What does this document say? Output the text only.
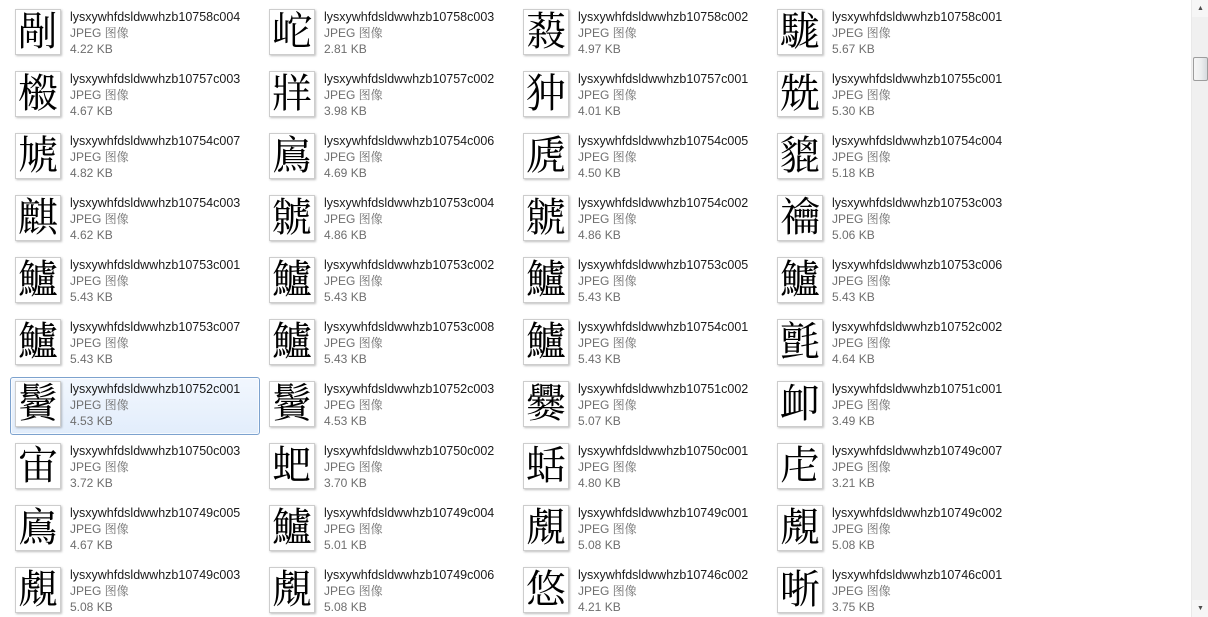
剮 lysxywhfdsldwwhzb10758c004
JPEG 图像
4.22 KB	岮 lysxywhfdsldwwhzb10758c003
JPEG 图像
2.81 KB	蔱 lysxywhfdsldwwhzb10758c002
JPEG 图像
4.97 KB	駹 lysxywhfdsldwwhzb10758c001
JPEG 图像
5.67 KB
榝 lysxywhfdsldwwhzb10757c003
JPEG 图像
4.67 KB	牂 lysxywhfdsldwwhzb10757c002
JPEG 图像
3.98 KB	狆 lysxywhfdsldwwhzb10757c001
JPEG 图像
4.01 KB	兟 lysxywhfdsldwwhzb10755c001
JPEG 图像
5.30 KB
虓 lysxywhfdsldwwhzb10754c007
JPEG 图像
4.82 KB	鳸 lysxywhfdsldwwhzb10754c006
JPEG 图像
4.69 KB	虒 lysxywhfdsldwwhzb10754c005
JPEG 图像
4.50 KB	貔 lysxywhfdsldwwhzb10754c004
JPEG 图像
5.18 KB
麒 lysxywhfdsldwwhzb10754c003
JPEG 图像
4.62 KB	虩 lysxywhfdsldwwhzb10753c004
JPEG 图像
4.86 KB	虩 lysxywhfdsldwwhzb10754c002
JPEG 图像
4.86 KB	禴 lysxywhfdsldwwhzb10753c003
JPEG 图像
5.06 KB
鱸 lysxywhfdsldwwhzb10753c001
JPEG 图像
5.43 KB	鱸 lysxywhfdsldwwhzb10753c002
JPEG 图像
5.43 KB	鱸 lysxywhfdsldwwhzb10753c005
JPEG 图像
5.43 KB	鱸 lysxywhfdsldwwhzb10753c006
JPEG 图像
5.43 KB
鱸 lysxywhfdsldwwhzb10753c007
JPEG 图像
5.43 KB	鱸 lysxywhfdsldwwhzb10753c008
JPEG 图像
5.43 KB	鱸 lysxywhfdsldwwhzb10754c001
JPEG 图像
5.43 KB	氈 lysxywhfdsldwwhzb10752c002
JPEG 图像
4.64 KB
鬢 lysxywhfdsldwwhzb10752c001
JPEG 图像
4.53 KB	鬢 lysxywhfdsldwwhzb10752c003
JPEG 图像
4.53 KB	爨 lysxywhfdsldwwhzb10751c002
JPEG 图像
5.07 KB	卹 lysxywhfdsldwwhzb10751c001
JPEG 图像
3.49 KB
宙 lysxywhfdsldwwhzb10750c003
JPEG 图像
3.72 KB	蚆 lysxywhfdsldwwhzb10750c002
JPEG 图像
3.70 KB	蛞 lysxywhfdsldwwhzb10750c001
JPEG 图像
4.80 KB	虍 lysxywhfdsldwwhzb10749c007
JPEG 图像
3.21 KB
鳸 lysxywhfdsldwwhzb10749c005
JPEG 图像
4.67 KB	鱸 lysxywhfdsldwwhzb10749c004
JPEG 图像
5.01 KB	覤 lysxywhfdsldwwhzb10749c001
JPEG 图像
5.08 KB	覤 lysxywhfdsldwwhzb10749c002
JPEG 图像
5.08 KB
覤 lysxywhfdsldwwhzb10749c003
JPEG 图像
5.08 KB	覤 lysxywhfdsldwwhzb10749c006
JPEG 图像
5.08 KB	悠 lysxywhfdsldwwhzb10746c002
JPEG 图像
4.21 KB	哳 lysxywhfdsldwwhzb10746c001
JPEG 图像
3.75 KB
▲
▼
